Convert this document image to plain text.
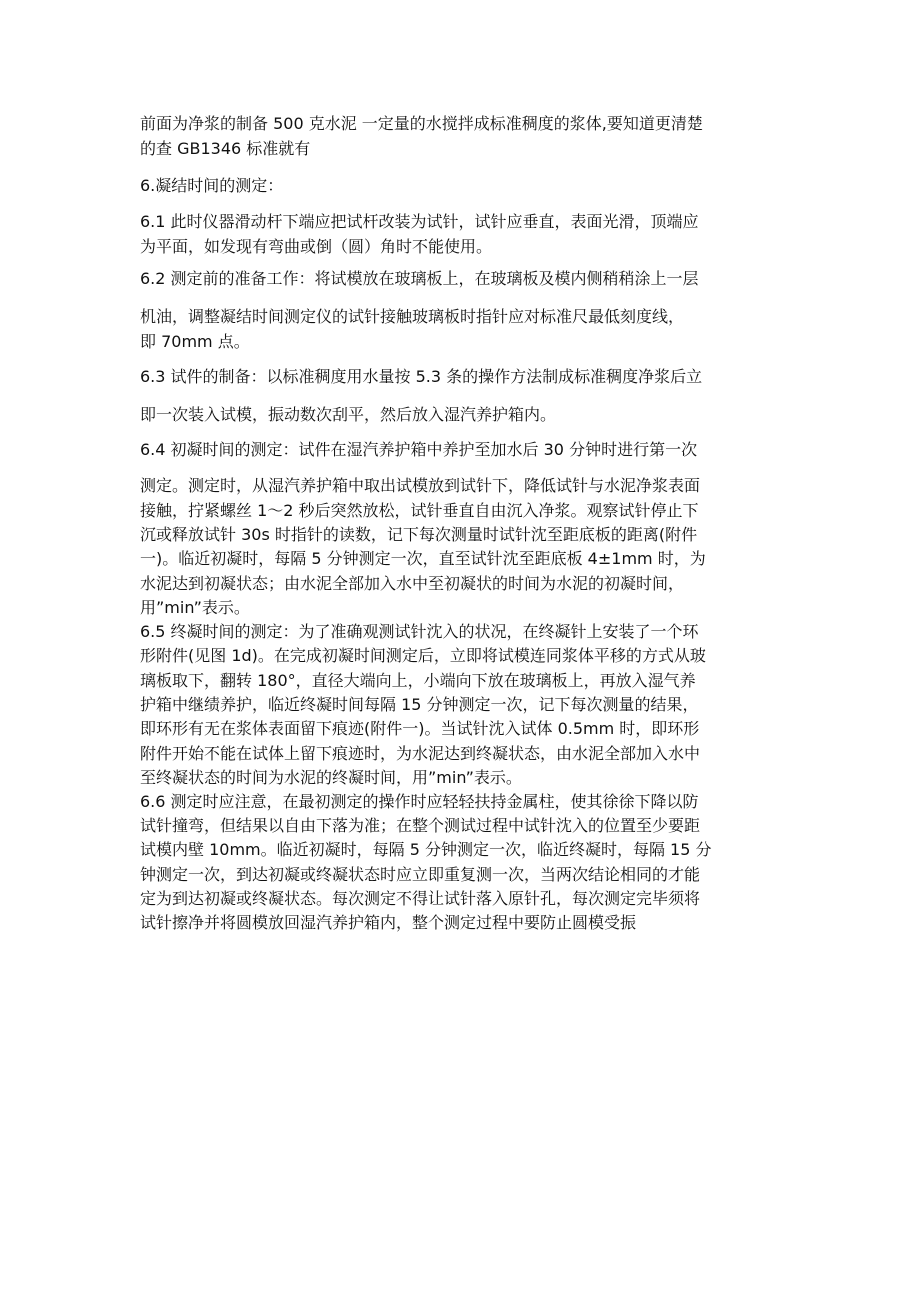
前面为净浆的制备 500 克水泥 一定量的水搅拌成标准稠度的浆体,要知道更清楚
的查 GB1346 标准就有
6.凝结时间的测定：
6.1 此时仪器滑动杆下端应把试杆改装为试针，试针应垂直，表面光滑，顶端应
为平面，如发现有弯曲或倒（圆）角时不能使用。
6.2 测定前的准备工作：将试模放在玻璃板上，在玻璃板及模内侧稍稍涂上一层
机油，调整凝结时间测定仪的试针接触玻璃板时指针应对标准尺最低刻度线，
即 70mm 点。
6.3 试件的制备：以标准稠度用水量按 5.3 条的操作方法制成标准稠度净浆后立
即一次装入试模，振动数次刮平，然后放入湿汽养护箱内。
6.4 初凝时间的测定：试件在湿汽养护箱中养护至加水后 30 分钟时进行第一次
测定。测定时，从湿汽养护箱中取出试模放到试针下，降低试针与水泥净浆表面
接触，拧紧螺丝 1～2 秒后突然放松，试针垂直自由沉入净浆。观察试针停止下
沉或释放试针 30s 时指针的读数，记下每次测量时试针沈至距底板的距离(附件
一)。临近初凝时，每隔 5 分钟测定一次，直至试针沈至距底板 4±1mm 时，为
水泥达到初凝状态；由水泥全部加入水中至初凝状的时间为水泥的初凝时间，
用”min”表示。
6.5 终凝时间的测定：为了准确观测试针沈入的状况，在终凝针上安装了一个环
形附件(见图 1d)。在完成初凝时间测定后，立即将试模连同浆体平移的方式从玻
璃板取下，翻转 180°，直径大端向上，小端向下放在玻璃板上，再放入湿气养
护箱中继绩养护，临近终凝时间每隔 15 分钟测定一次，记下每次测量的结果，
即环形有无在浆体表面留下痕迹(附件一)。当试针沈入试体 0.5mm 时，即环形
附件开始不能在试体上留下痕迹时，为水泥达到终凝状态，由水泥全部加入水中
至终凝状态的时间为水泥的终凝时间，用”min”表示。
6.6 测定时应注意，在最初测定的操作时应轻轻扶持金属柱，使其徐徐下降以防
试针撞弯，但结果以自由下落为准；在整个测试过程中试针沈入的位置至少要距
试模内壁 10mm。临近初凝时，每隔 5 分钟测定一次，临近终凝时，每隔 15 分
钟测定一次，到达初凝或终凝状态时应立即重复测一次，当两次结论相同的才能
定为到达初凝或终凝状态。每次测定不得让试针落入原针孔，每次测定完毕须将
试针擦净并将圆模放回湿汽养护箱内，整个测定过程中要防止圆模受振
